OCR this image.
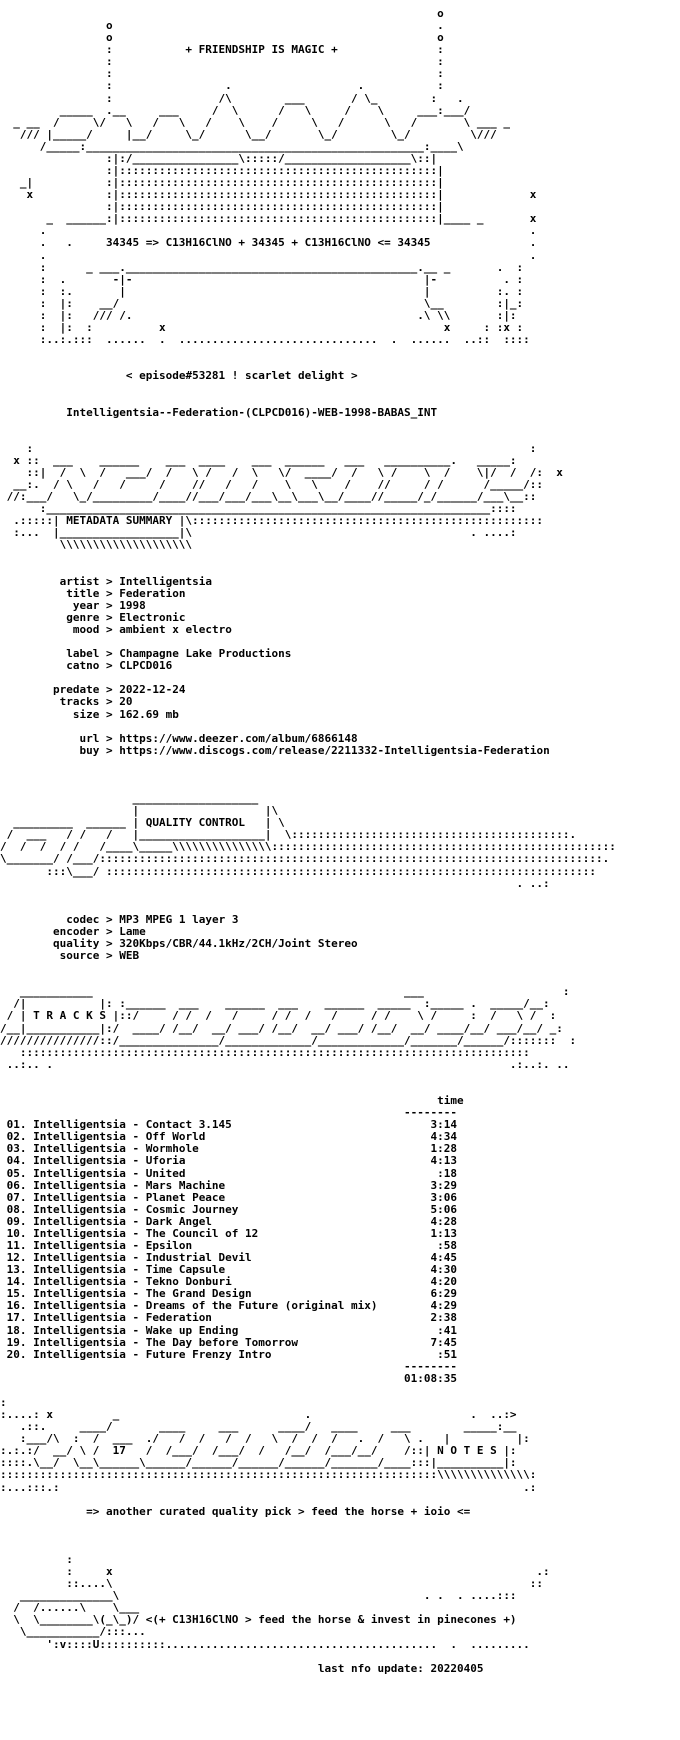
o
o                                                 .
o                                                 o
:           + FRIENDSHIP IS MAGIC +               :
:                                                 :
:                                                 :
:                 .                   .           :
:                /\        ___       / \_        :   .
_____  .__     ___     /  \      /   \     /    \     ___:___/
_ __  /     \/   \   /   \   /    \    /     \   /      \   /       \ ___ _
/// |_____/     |__/     \_/      \__/       \_/        \_/         \///
/_____:___________________________________________________:____\
:|:/________________\:::::/___________________\::|
:|::::::::::::::::::::::::::::::::::::::::::::::::|
_|           :|::::::::::::::::::::::::::::::::::::::::::::::::|
x           :|::::::::::::::::::::::::::::::::::::::::::::::::|             x
:|::::::::::::::::::::::::::::::::::::::::::::::::|
_  ______:|::::::::::::::::::::::::::::::::::::::::::::::::|____ _       x
.                                                                         .
.   .     34345 => C13H16ClNO + 34345 + C13H16ClNO <= 34345               .
.                                                                         .
:      _ ___.____________________________________________.__ _       .  :
:  .       -|-                                            |-          . :
:  :.       |                                             |          :. :
:  |:    __/                                              \__        :|_:
:  |:   /// /.                                           .\ \\       :|:
:  |:  :          x                                          x     : :x :
:..:.:::  ......  .  ..............................  .  ......  ..::  ::::

< episode#53281 ! scarlet delight >

Intelligentsia--Federation-(CLPCD016)-WEB-1998-BABAS_INT

:                                                                           :
x ::  ___    ______    ___  ____    ___  ______   ___   __________.   _____:
::|  /  \  /   ___/  /   \ /   /  \   \/  ____/  /   \ /    \  /    \|/  /  /:  x
__:.  / \   /   /     /    //   /   /    \   \    /    //     / /      /_____/::
//:___/   \_/_________/____//___/___/___\__\___\__/____//_____/_/______/___\__::
:___________________________________________________________________::::
.:::::| METADATA SUMMARY |\:::::::::::::::::::::::::::::::::::::::::::::::::::::
:...  |__________________|\                                          . ....:
\\\\\\\\\\\\\\\\\\\\

artist > Intelligentsia
title > Federation
year > 1998
genre > Electronic
mood > ambient x electro

label > Champagne Lake Productions
catno > CLPCD016

predate > 2022-12-24
tracks > 20
size > 162.69 mb

url > https://www.deezer.com/album/6866148
buy > https://www.discogs.com/release/2211332-Intelligentsia-Federation

___________________
|                   |\
_________  ______ | QUALITY CONTROL   | \
/  ___   / /   /   |___________________|  \::::::::::::::::::::::::::::::::::::::::::.
/  /  /  / /   /____\_____\\\\\\\\\\\\\\\::::::::::::::::::::::::::::::::::::::::::::::::::::
\_______/ /___/::::::::::::::::::::::::::::::::::::::::::::::::::::::::::::::::::::::::::::.
:::\___/ ::::::::::::::::::::::::::::::::::::::::::::::::::::::::::::::::::::::::::
. ..:

codec > MP3 MPEG 1 layer 3
encoder > Lame
quality > 320Kbps/CBR/44.1kHz/2CH/Joint Stereo
source > WEB

___________                                               ___                     :
/|           |: :______  ___    ______  ___    ______  _____  :_____ .  _____/__:
/ | T R A C K S |::/     / /  /   /     / /  /   /     / /    \ /     :  /   \ /  :
/__|___________|:/  ____/ /__/  __/ ___/ /__/  __/ ___/ /__/  __/ ____/__/ ___/__/ _:
///////////////::/_______________/_____________/_____________/_______/______/:::::::  :
:::::::::::::::::::::::::::::::::::::::::::::::::::::::::::::::::::::::::::::
..:.. .                                                                     .:..:. ..

time
--------
01. Intelligentsia - Contact 3.145	3:14
02. Intelligentsia - Off World	4:34
03. Intelligentsia - Wormhole	1:28
04. Intelligentsia - Uforia	4:13
05. Intelligentsia - United	:18
06. Intelligentsia - Mars Machine	3:29
07. Intelligentsia - Planet Peace	3:06
08. Intelligentsia - Cosmic Journey	5:06
09. Intelligentsia - Dark Angel	4:28
10. Intelligentsia - The Council of 12	1:13
11. Intelligentsia - Epsilon	:58
12. Intelligentsia - Industrial Devil	4:45
13. Intelligentsia - Time Capsule	4:30
14. Intelligentsia - Tekno Donburi	4:20
15. Intelligentsia - The Grand Design	6:29
16. Intelligentsia - Dreams of the Future (original mix)	4:29
17. Intelligentsia - Federation	2:38
18. Intelligentsia - Wake up Ending	:41
19. Intelligentsia - The Day before Tomorrow	7:45
20. Intelligentsia - Future Frenzy Intro	:51

--------
01:08:35

:
:....: x         _                            .                        .  ..:>
.::.     ____/       ____     ___      ____/   ____     ___        _____:__
:___/\  :  /  ___  ./   /  /   /  /   \  /  /  /   .  /   \ .   |          |:
:.:.:/  __/ \ /  17   /  /___/  /___/  /   /__/  /___/__/    /::| N O T E S |:
::::.\__/  \__\______\______/______/______/______/_______/____:::|__________|:
::::::::::::::::::::::::::::::::::::::::::::::::::::::::::::::::::\\\\\\\\\\\\\\:
:...:::.:                                                                      .:

=> another curated quality pick > feed the horse + ioio <=

:
:     x                                                                .:
::....\                                                               ::
______________\                                              . .  . ....:::
/  /......\    \___
\  \________\(_\_)/ <(+ C13H16ClNO > feed the horse & invest in pinecones +)
\___________/:::...
':v::::U::::::::::.........................................  .  .........

last nfo update: 20220405
